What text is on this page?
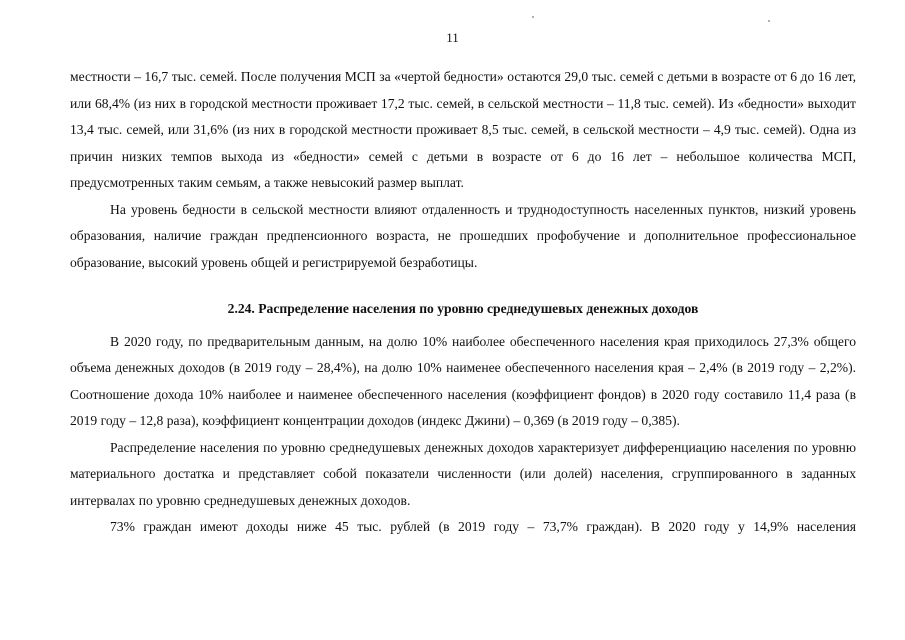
11

местности – 16,7 тыс. семей. После получения МСП за «чертой бедности» остаются 29,0 тыс. семей с детьми в возрасте от 6 до 16 лет, или 68,4% (из них в городской местности проживает 17,2 тыс. семей, в сельской местности – 11,8 тыс. семей). Из «бедности» выходит 13,4 тыс. семей, или 31,6% (из них в городской местности проживает 8,5 тыс. семей, в сельской местности – 4,9 тыс. семей). Одна из причин низких темпов выхода из «бедности» семей с детьми в возрасте от 6 до 16 лет – небольшое количества МСП, предусмотренных таким семьям, а также невысокий размер выплат.

На уровень бедности в сельской местности влияют отдаленность и труднодоступность населенных пунктов, низкий уровень образования, наличие граждан предпенсионного возраста, не прошедших профобучение и дополнительное профессиональное образование, высокий уровень общей и регистрируемой безработицы.

2.24. Распределение населения по уровню среднедушевых денежных доходов

В 2020 году, по предварительным данным, на долю 10% наиболее обеспеченного населения края приходилось 27,3% общего объема денежных доходов (в 2019 году – 28,4%), на долю 10% наименее обеспеченного населения края – 2,4% (в 2019 году – 2,2%). Соотношение дохода 10% наиболее и наименее обеспеченного населения (коэффициент фондов) в 2020 году составило 11,4 раза (в 2019 году – 12,8 раза), коэффициент концентрации доходов (индекс Джини) – 0,369 (в 2019 году – 0,385).

Распределение населения по уровню среднедушевых денежных доходов характеризует дифференциацию населения по уровню материального достатка и представляет собой показатели численности (или долей) населения, сгруппированного в заданных интервалах по уровню среднедушевых денежных доходов.

73% граждан имеют доходы ниже 45 тыс. рублей (в 2019 году – 73,7% граждан). В 2020 году у 14,9% населения
